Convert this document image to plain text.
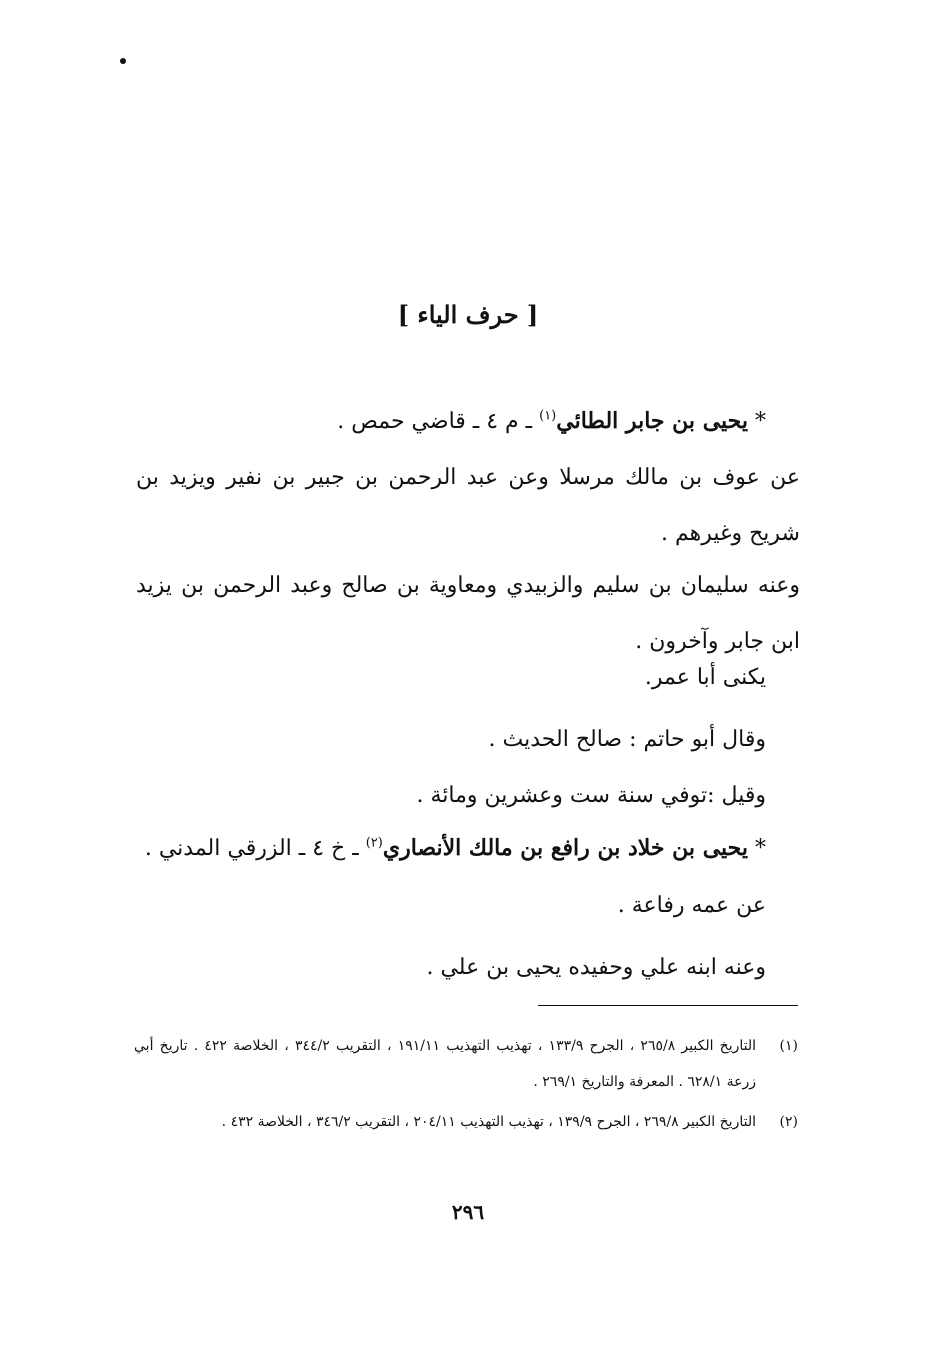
[ حرف الياء ]
* يحيى بن جابر الطائي$^{(١)}$ ـ م ٤ ـ قاضي حمص .
عن عوف بن مالك مرسلا وعن عبد الرحمن بن جبير بن نفير ويزيد بن شريح وغيرهم .
وعنه سليمان بن سليم والزبيدي ومعاوية بن صالح وعبد الرحمن بن يزيد ابن جابر وآخرون .
يكنى أبا عمر.
وقال أبو حاتم : صالح الحديث .
وقيل :توفي سنة ست وعشرين ومائة .
* يحيى بن خلاد بن رافع بن مالك الأنصاري$^{(٢)}$ ـ خ ٤ ـ الزرقي المدني .
عن عمه رفاعة .
وعنه ابنه علي وحفيده يحيى بن علي .
(١)
التاريخ الكبير ٢٦٥/٨ ، الجرح ١٣٣/٩ ، تهذيب التهذيب ١٩١/١١ ، التقريب ٣٤٤/٢ ، الخلاصة ٤٢٢ . تاريخ أبي زرعة ٦٢٨/١ . المعرفة والتاريخ ٢٦٩/١ .
(٢)
التاريخ الكبير ٢٦٩/٨ ، الجرح ١٣٩/٩ ، تهذيب التهذيب ٢٠٤/١١ ، التقريب ٣٤٦/٢ ، الخلاصة ٤٣٢ .
٢٩٦
